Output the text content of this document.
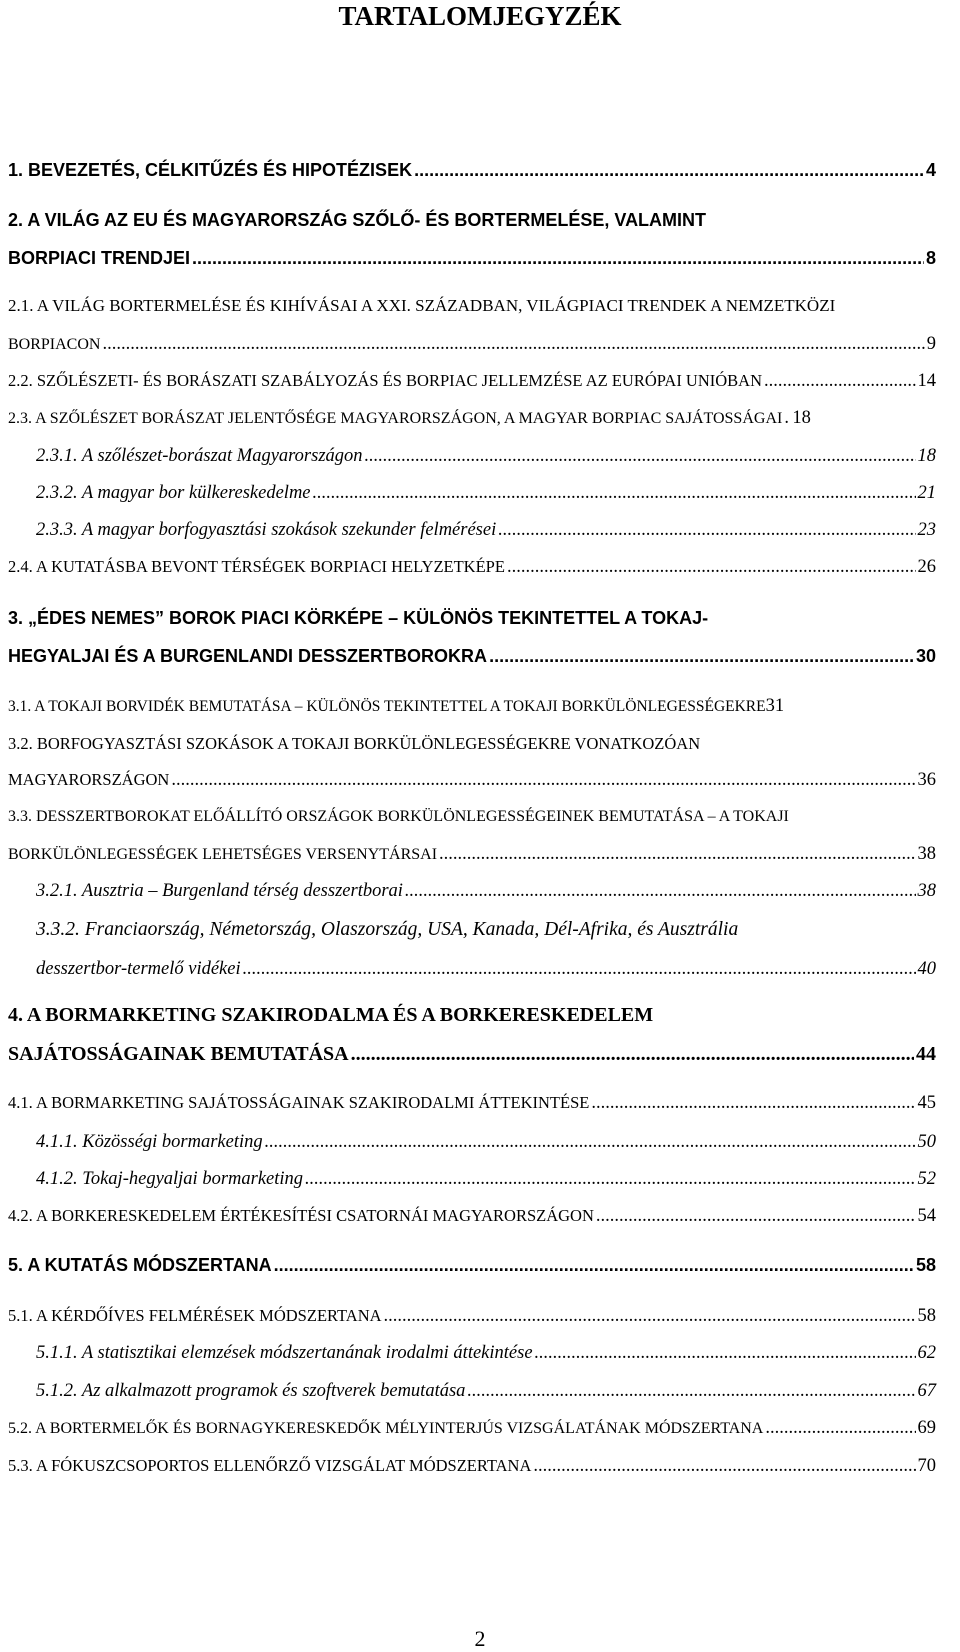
TARTALOMJEGYZÉK
1. BEVEZETÉS, CÉLKITŰZÉS ÉS HIPOTÉZISEK .....	4
2. A VILÁG AZ EU ÉS MAGYARORSZÁG SZŐLŐ- ÉS BORTERMELÉSE, VALAMINT
BORPIACI TRENDJEI .....	8
2.1. A VILÁG BORTERMELÉSE ÉS KIHÍVÁSAI A XXI. SZÁZADBAN, VILÁGPIACI TRENDEK A NEMZETKÖZI
BORPIACON .....	9
2.2. SZŐLÉSZETI- ÉS BORÁSZATI SZABÁLYOZÁS ÉS BORPIAC JELLEMZÉSE AZ EURÓPAI UNIÓBAN .....	14
2.3. A SZŐLÉSZET BORÁSZAT JELENTŐSÉGE MAGYARORSZÁGON, A MAGYAR BORPIAC SAJÁTOSSÁGAI ..... 18
2.3.1. A szőlészet-borászat Magyarországon .....	18
2.3.2. A magyar bor külkereskedelme .....	21
2.3.3. A magyar borfogyasztási szokások szekunder felmérései .....	23
2.4. A KUTATÁSBA BEVONT TÉRSÉGEK BORPIACI HELYZETKÉPE .....	26
3. „ÉDES NEMES” BOROK PIACI KÖRKÉPE – KÜLÖNÖS TEKINTETTEL A TOKAJ-
HEGYALJAI ÉS A BURGENLANDI DESSZERTBOROKRA .....	30
3.1. A TOKAJI BORVIDÉK BEMUTATÁSA – KÜLÖNÖS TEKINTETTEL A TOKAJI BORKÜLÖNLEGESSÉGEKRE 31
3.2. BORFOGYASZTÁSI SZOKÁSOK A TOKAJI BORKÜLÖNLEGESSÉGEKRE VONATKOZÓAN
MAGYARORSZÁGON .....	36
3.3. DESSZERTBOROKAT ELŐÁLLÍTÓ ORSZÁGOK BORKÜLÖNLEGESSÉGEINEK BEMUTATÁSA – A TOKAJI
BORKÜLÖNLEGESSÉGEK LEHETSÉGES VERSENYTÁRSAI .....	38
3.2.1. Ausztria – Burgenland térség desszertborai .....	38
3.3.2. Franciaország, Németország, Olaszország, USA, Kanada, Dél-Afrika, és Ausztrália
desszertbor-termelő vidékei .....	40
4. A BORMARKETING SZAKIRODALMA ÉS A BORKERESKEDELEM
SAJÁTOSSÁGAINAK BEMUTATÁSA .....	44
4.1. A BORMARKETING SAJÁTOSSÁGAINAK SZAKIRODALMI ÁTTEKINTÉSE .....	45
4.1.1. Közösségi bormarketing .....	50
4.1.2. Tokaj-hegyaljai bormarketing .....	52
4.2. A BORKERESKEDELEM ÉRTÉKESÍTÉSI CSATORNÁI MAGYARORSZÁGON .....	54
5. A KUTATÁS MÓDSZERTANA .....	58
5.1. A KÉRDŐÍVES FELMÉRÉSEK MÓDSZERTANA .....	58
5.1.1. A statisztikai elemzések módszertanának irodalmi áttekintése .....	62
5.1.2. Az alkalmazott programok és szoftverek bemutatása .....	67
5.2. A BORTERMELŐK ÉS BORNAGYKERESKEDŐK MÉLYINTERJÚS VIZSGÁLATÁNAK MÓDSZERTANA .....	69
5.3. A FÓKUSZCSOPORTOS ELLENŐRZŐ VIZSGÁLAT MÓDSZERTANA .....	70
2
